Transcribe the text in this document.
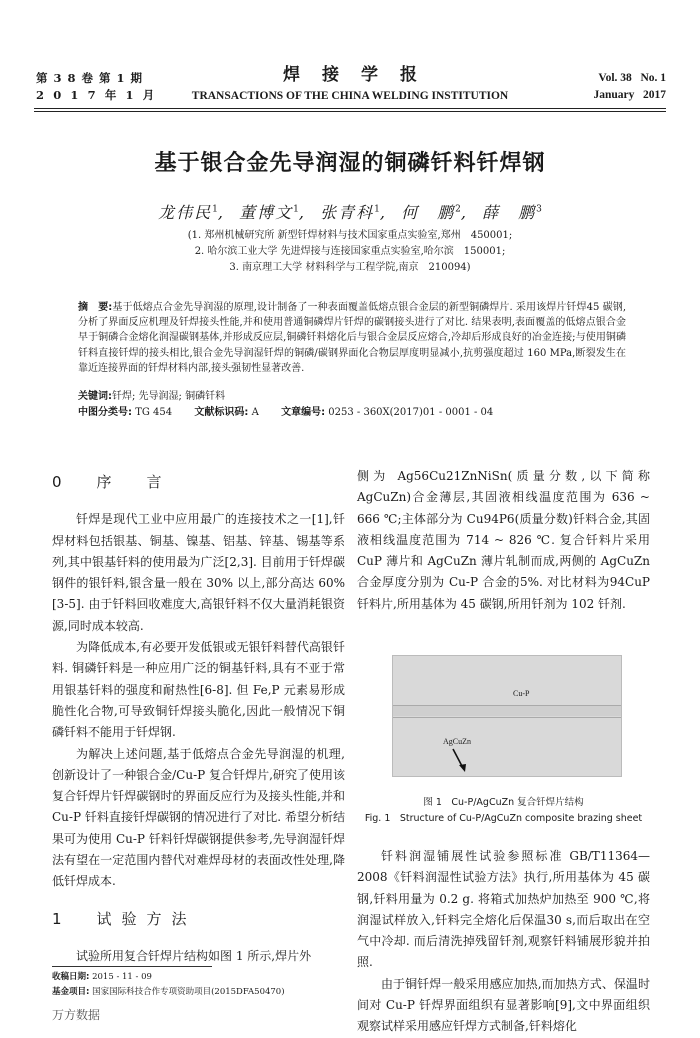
第 3 8 卷 第 1 期
2 0 1 7 年 1 月
焊接学报
TRANSACTIONS OF THE CHINA WELDING INSTITUTION
Vol. 38 No. 1
January 2017
基于银合金先导润湿的铜磷钎料钎焊钢
龙伟民$^1$,  董博文$^1$,  张青科$^1$,  何　鹏$^2$,  薛　鹏$^3$
(1. 郑州机械研究所 新型钎焊材料与技术国家重点实验室,郑州　450001;
2. 哈尔滨工业大学 先进焊接与连接国家重点实验室,哈尔滨　150001;
3. 南京理工大学 材料科学与工程学院,南京　210094)
摘　要:基于低熔点合金先导润湿的原理,设计制备了一种表面覆盖低熔点银合金层的新型铜磷焊片. 采用该焊片钎焊45 碳钢,分析了界面反应机理及钎焊接头性能,并和使用普通铜磷焊片钎焊的碳钢接头进行了对比. 结果表明,表面覆盖的低熔点银合金早于铜磷合金熔化润湿碳钢基体,并形成反应层,铜磷钎料熔化后与银合金层反应熔合,冷却后形成良好的冶金连接;与使用铜磷钎料直接钎焊的接头相比,银合金先导润湿钎焊的铜磷/碳钢界面化合物层厚度明显减小,抗剪强度超过 160 MPa,断裂发生在靠近连接界面的钎焊材料内部,接头强韧性显著改善.
关键词:钎焊; 先导润湿; 铜磷钎料
中图分类号: TG 454 文献标识码: A 文章编号: 0253 - 360X(2017)01 - 0001 - 04
0　序　言

钎焊是现代工业中应用最广的连接技术之一[1],钎焊材料包括银基、铜基、镍基、铝基、锌基、锡基等系列,其中银基钎料的使用最为广泛[2,3]. 目前用于钎焊碳钢件的银钎料,银含量一般在 30% 以上,部分高达 60%[3-5]. 由于钎料回收难度大,高银钎料不仅大量消耗银资源,同时成本较高.

为降低成本,有必要开发低银或无银钎料替代高银钎料. 铜磷钎料是一种应用广泛的铜基钎料,具有不亚于常用银基钎料的强度和耐热性[6-8]. 但 Fe,P 元素易形成脆性化合物,可导致铜钎焊接头脆化,因此一般情况下铜磷钎料不能用于钎焊钢.

为解决上述问题,基于低熔点合金先导润湿的机理,创新设计了一种银合金/Cu-P 复合钎焊片,研究了使用该复合钎焊片钎焊碳钢时的界面反应行为及接头性能,并和 Cu-P 钎料直接钎焊碳钢的情况进行了对比. 希望分析结果可为使用 Cu-P 钎料钎焊碳钢提供参考,先导润湿钎焊法有望在一定范围内替代对难焊母材的表面改性处理,降低钎焊成本.

1　试验方法

试验所用复合钎焊片结构如图 1 所示,焊片外

侧为 Ag56Cu21ZnNiSn(质量分数,以下简称 AgCuZn)合金薄层,其固液相线温度范围为 636 ~ 666 ℃;主体部分为 Cu94P6(质量分数)钎料合金,其固液相线温度范围为 714 ~ 826 ℃. 复合钎料片采用 CuP 薄片和 AgCuZn 薄片轧制而成,两侧的 AgCuZn 合金厚度分别为 Cu-P 合金的5%. 对比材料为94CuP 钎料片,所用基体为 45 碳钢,所用钎剂为 102 钎剂.

Cu-P
AgCuZn
图 1　Cu-P/AgCuZn 复合钎焊片结构
Fig. 1　Structure of Cu-P/AgCuZn composite brazing sheet

钎料润湿铺展性试验参照标准 GB/T11364—2008《钎料润湿性试验方法》执行,所用基体为 45 碳钢,钎料用量为 0.2 g. 将箱式加热炉加热至 900 ℃,将润湿试样放入,钎料完全熔化后保温30 s,而后取出在空气中冷却. 而后清洗掉残留钎剂,观察钎料铺展形貌并拍照.

由于铜钎焊一般采用感应加热,而加热方式、保温时间对 Cu-P 钎焊界面组织有显著影响[9],文中界面组织观察试样采用感应钎焊方式制备,钎料熔化

收稿日期: 2015 - 11 - 09
基金项目: 国家国际科技合作专项资助项目(2015DFA50470)
万方数据
